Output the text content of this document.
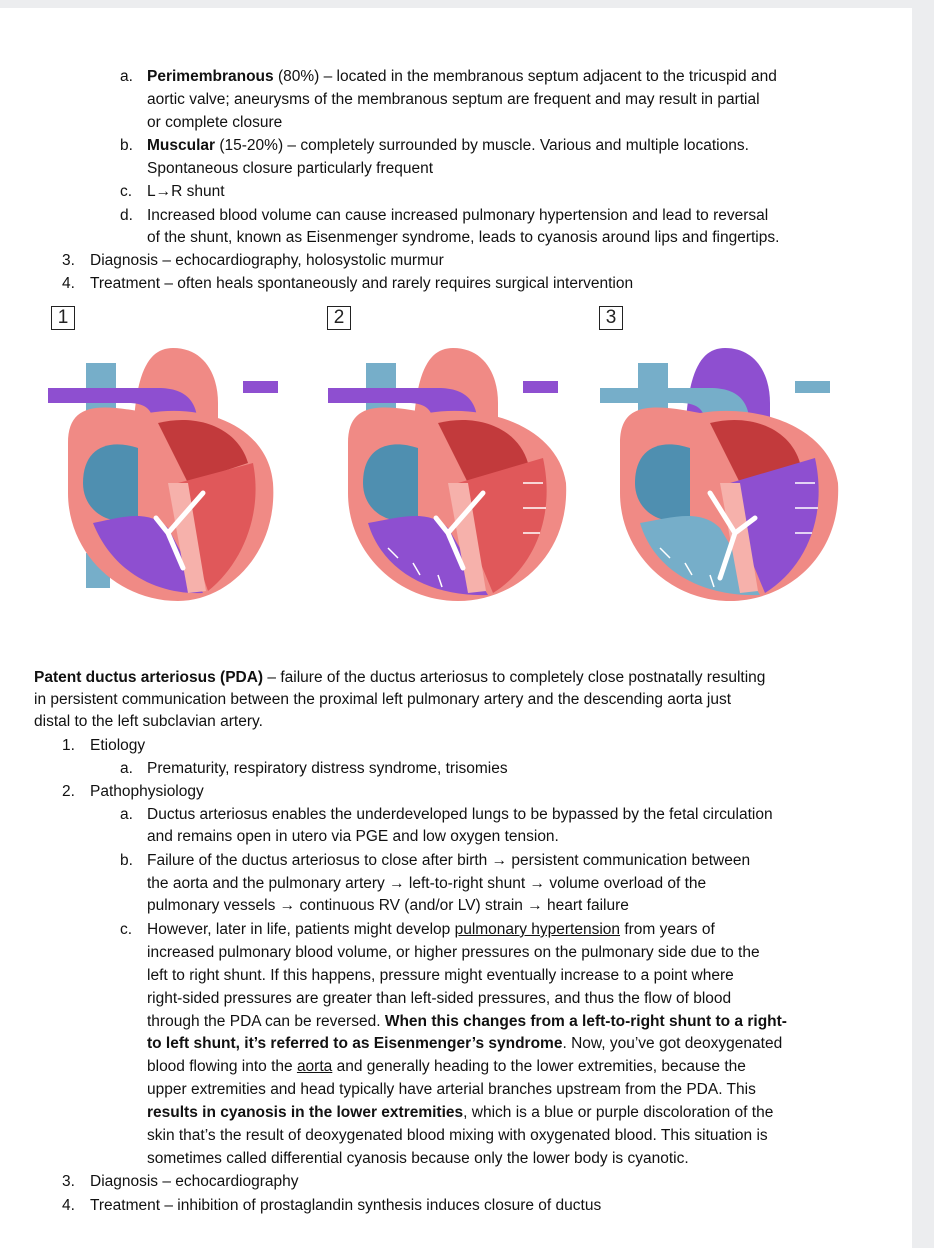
a. Perimembranous (80%) – located in the membranous septum adjacent to the tricuspid and
aortic valve; aneurysms of the membranous septum are frequent and may result in partial
or complete closure
b. Muscular (15-20%) – completely surrounded by muscle. Various and multiple locations.
Spontaneous closure particularly frequent
c. L→R shunt
d. Increased blood volume can cause increased pulmonary hypertension and lead to reversal
of the shunt, known as Eisenmenger syndrome, leads to cyanosis around lips and fingertips.
3. Diagnosis – echocardiography, holosystolic murmur
4. Treatment – often heals spontaneously and rarely requires surgical intervention
1	2	3
Patent ductus arteriosus (PDA) – failure of the ductus arteriosus to completely close postnatally resulting
in persistent communication between the proximal left pulmonary artery and the descending aorta just
distal to the left subclavian artery.
1. Etiology
a. Prematurity, respiratory distress syndrome, trisomies
2. Pathophysiology
a. Ductus arteriosus enables the underdeveloped lungs to be bypassed by the fetal circulation
and remains open in utero via PGE and low oxygen tension.
b. Failure of the ductus arteriosus to close after birth → persistent communication between
the aorta and the pulmonary artery → left-to-right shunt → volume overload of the
pulmonary vessels → continuous RV (and/or LV) strain → heart failure
c. However, later in life, patients might develop pulmonary hypertension from years of
increased pulmonary blood volume, or higher pressures on the pulmonary side due to the
left to right shunt. If this happens, pressure might eventually increase to a point where
right-sided pressures are greater than left-sided pressures, and thus the flow of blood
through the PDA can be reversed. When this changes from a left-to-right shunt to a right-
to left shunt, it’s referred to as Eisenmenger’s syndrome. Now, you’ve got deoxygenated
blood flowing into the aorta and generally heading to the lower extremities, because the
upper extremities and head typically have arterial branches upstream from the PDA. This
results in cyanosis in the lower extremities, which is a blue or purple discoloration of the
skin that’s the result of deoxygenated blood mixing with oxygenated blood. This situation is
sometimes called differential cyanosis because only the lower body is cyanotic.
3. Diagnosis – echocardiography
4. Treatment – inhibition of prostaglandin synthesis induces closure of ductus
